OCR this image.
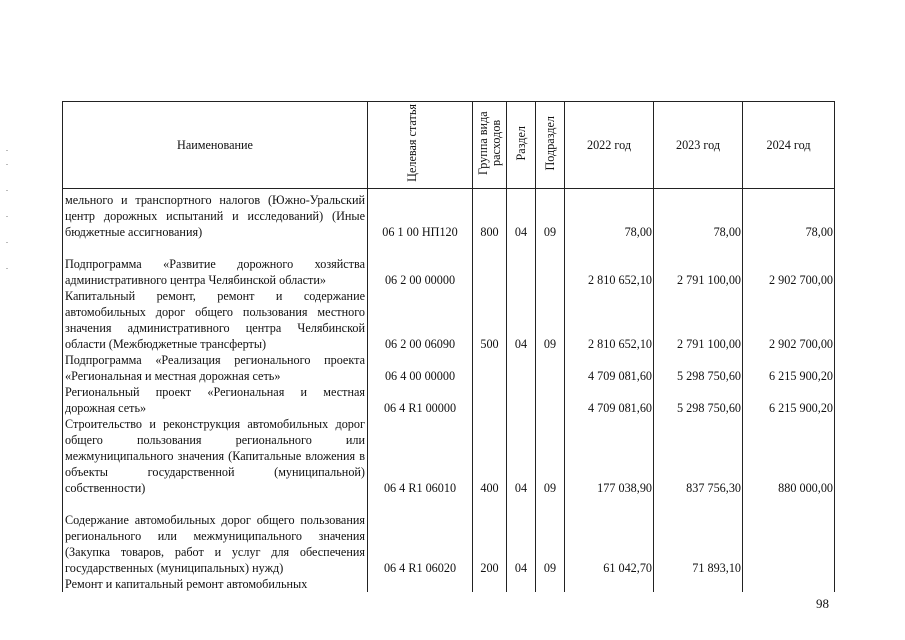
Наименование	Целевая статья	Группа вида расходов	Раздел	Подраздел	2022 год	2023 год	2024 год
мельного и транспортного налогов (Южно-Уральский центр дорожных испытаний и исследований) (Иные бюджетные ассигнования)	06 1 00 НП120	800	04	09	78,00	78,00	78,00
Подпрограмма «Развитие дорожного хозяйства административного центра Челябинской области»	06 2 00 00000				2 810 652,10	2 791 100,00	2 902 700,00
Капитальный ремонт, ремонт и содержание автомобильных дорог общего пользования местного значения административного центра Челябинской области (Межбюджетные трансферты)	06 2 00 06090	500	04	09	2 810 652,10	2 791 100,00	2 902 700,00
Подпрограмма «Реализация регионального проекта «Региональная и местная дорожная сеть»	06 4 00 00000				4 709 081,60	5 298 750,60	6 215 900,20
Региональный проект «Региональная и местная дорожная сеть»	06 4 R1 00000				4 709 081,60	5 298 750,60	6 215 900,20
Строительство и реконструкция автомобильных дорог общего пользования регионального или межмуниципального значения (Капитальные вложения в объекты государственной (муниципальной) собственности)	06 4 R1 06010	400	04	09	177 038,90	837 756,30	880 000,00
Содержание автомобильных дорог общего пользования регионального или межмуниципального значения (Закупка товаров, работ и услуг для обеспечения государственных (муниципальных) нужд)	06 4 R1 06020	200	04	09	61 042,70	71 893,10	
Ремонт и капитальный ремонт автомобильных							
98
